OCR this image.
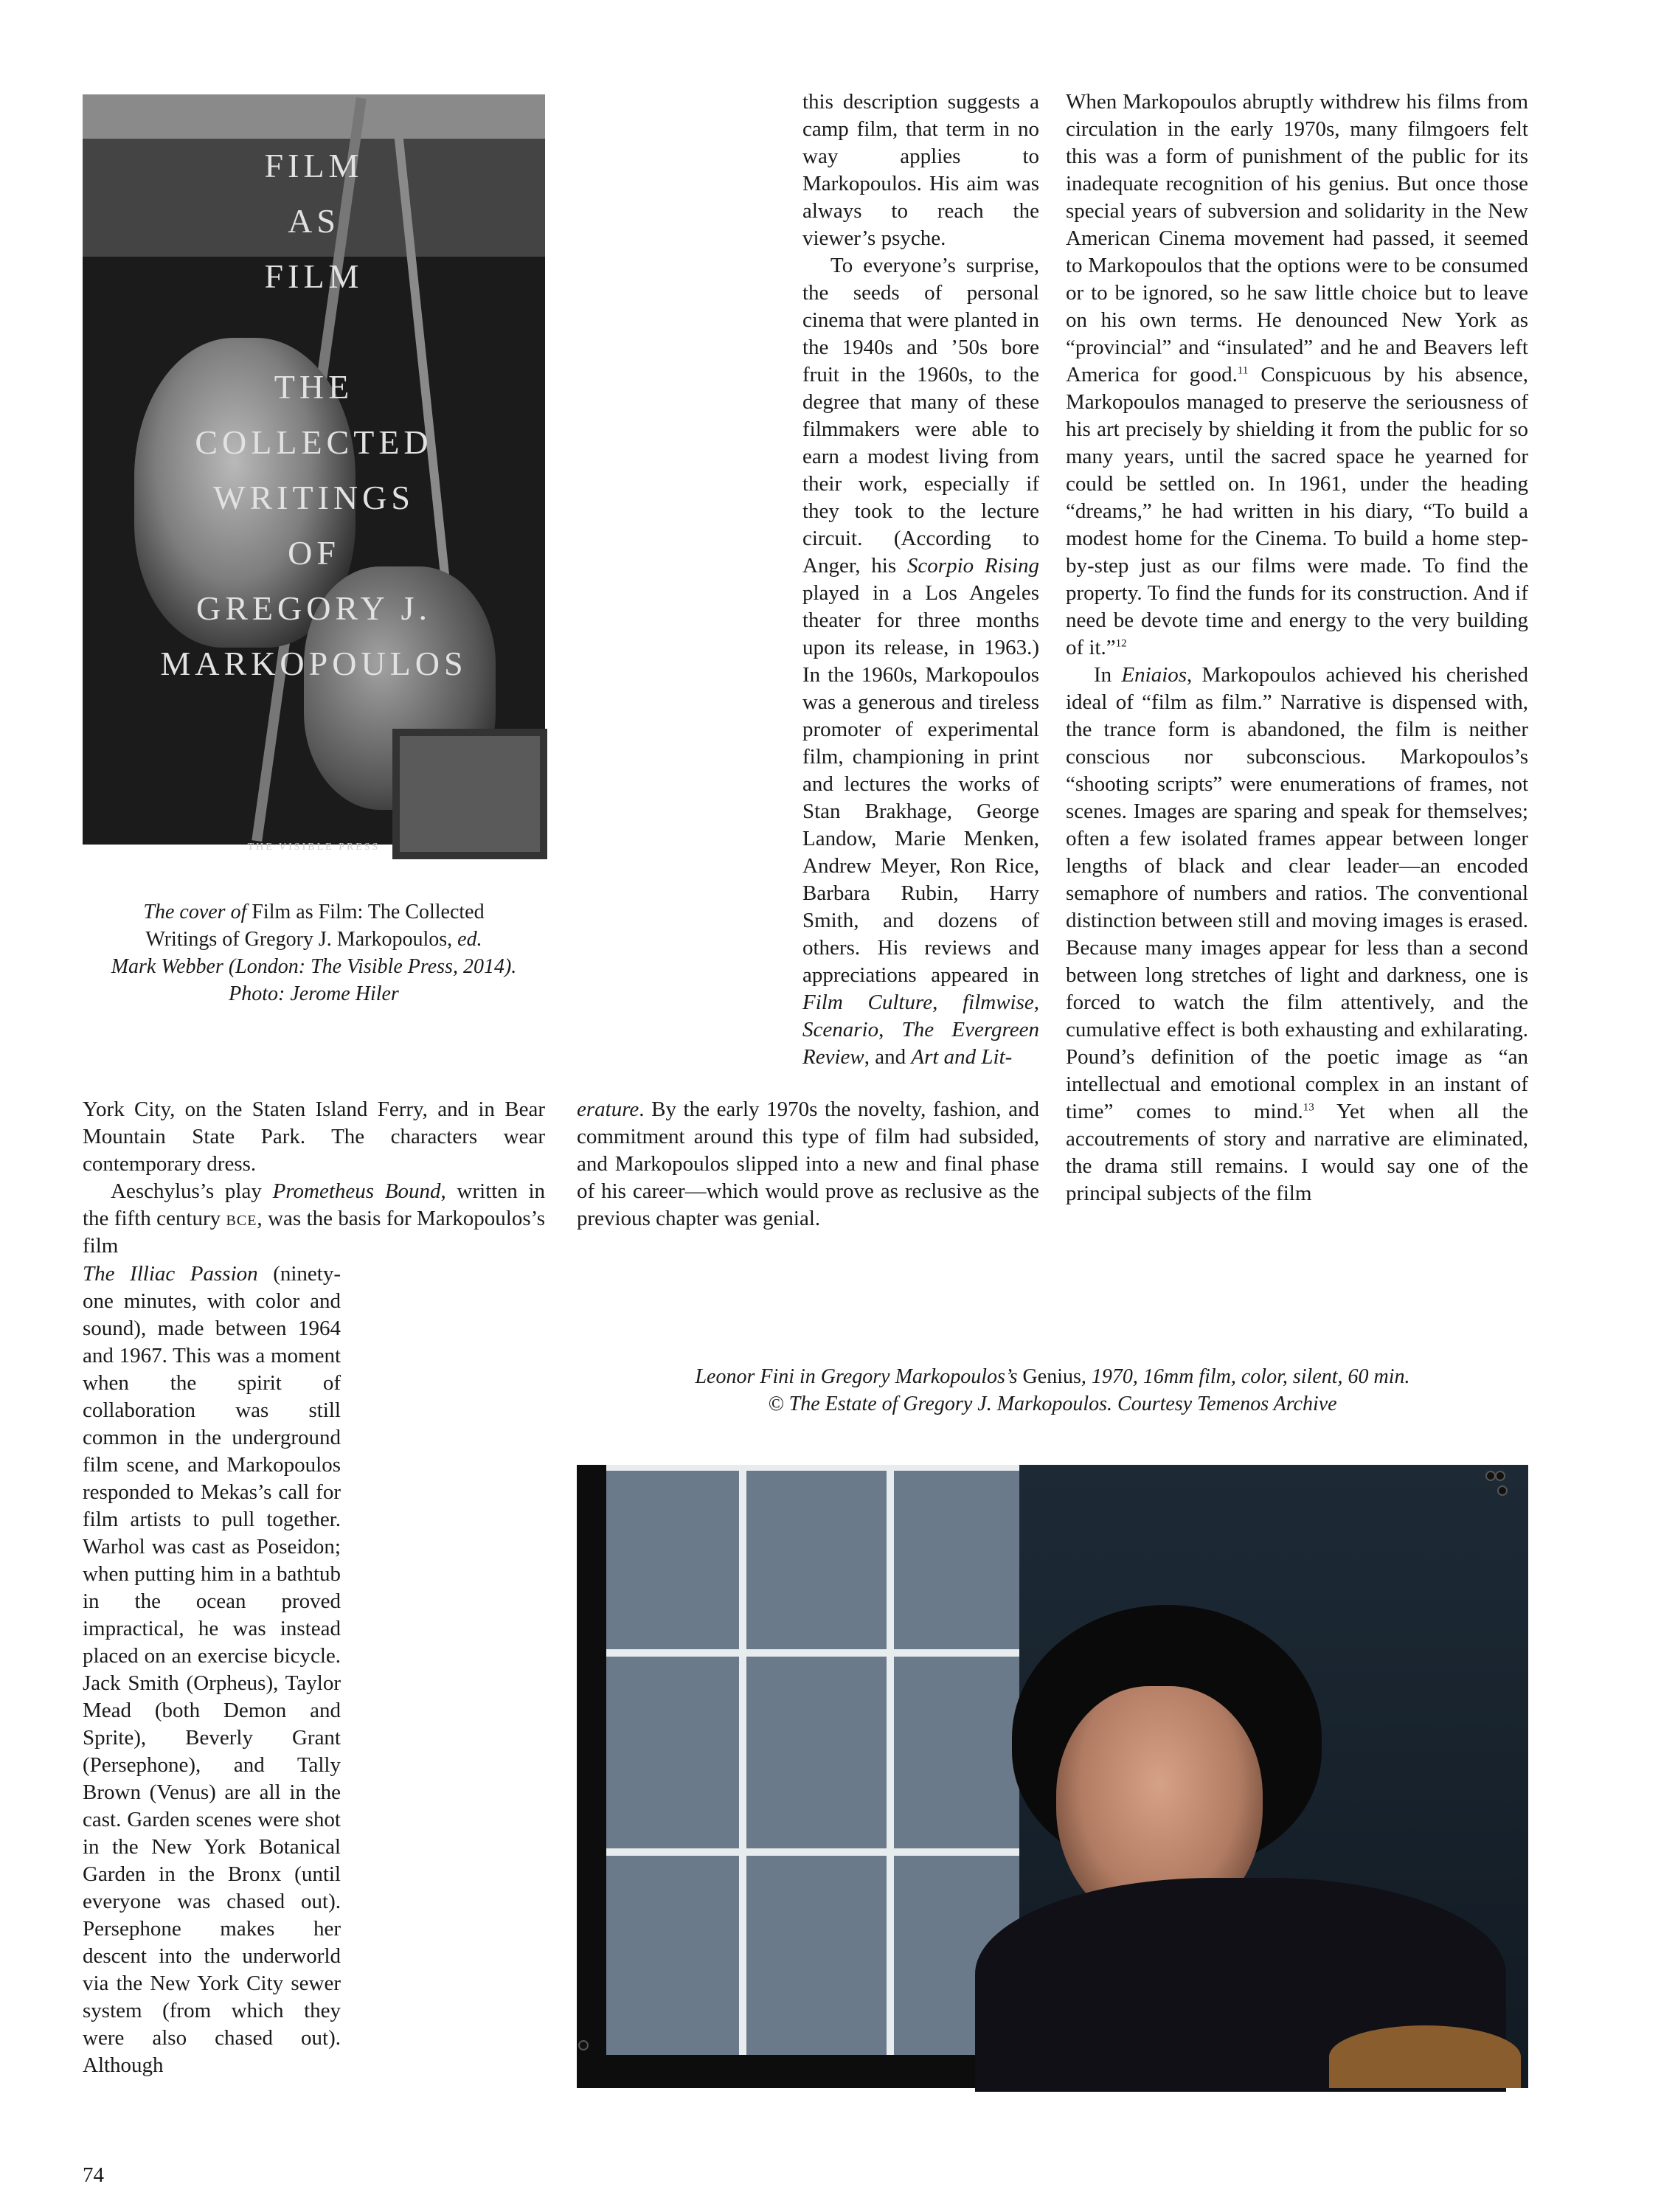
FILM
AS
FILM
THE
COLLECTED
WRITINGS
OF
GREGORY J.
MARKOPOULOS
THE VISIBLE PRESS
The cover of Film as Film: The Collected
Writings of Gregory J. Markopoulos, ed.
Mark Webber (London: The Visible Press, 2014).
Photo: Jerome Hiler

York City, on the Staten Island Ferry, and in Bear Mountain State Park. The characters wear contemporary dress.

Aeschylus’s play Prometheus Bound, written in the fifth century bce, was the basis for Markopoulos’s film

The Illiac Passion (ninety-one minutes, with color and sound), made between 1964 and 1967. This was a moment when the spirit of collaboration was still common in the underground film scene, and Markopoulos responded to Mekas’s call for film artists to pull together. Warhol was cast as Poseidon; when putting him in a bathtub in the ocean proved impractical, he was instead placed on an exercise bicycle. Jack Smith (Orpheus), Taylor Mead (both Demon and Sprite), Beverly Grant (Persephone), and Tally Brown (Venus) are all in the cast. Garden scenes were shot in the New York Botanical Garden in the Bronx (until everyone was chased out). Persephone makes her descent into the underworld via the New York City sewer system (from which they were also chased out). Although

this description suggests a camp film, that term in no way applies to Markopoulos. His aim was always to reach the viewer’s psyche.

To everyone’s surprise, the seeds of personal cinema that were planted in the 1940s and ’50s bore fruit in the 1960s, to the degree that many of these filmmakers were able to earn a modest living from their work, especially if they took to the lecture circuit. (According to Anger, his Scorpio Rising played in a Los Angeles theater for three months upon its release, in 1963.) In the 1960s, Markopoulos was a generous and tireless promoter of experimental film, championing in print and lectures the works of Stan Brakhage, George Landow, Marie Menken, Andrew Meyer, Ron Rice, Barbara Rubin, Harry Smith, and dozens of others. His reviews and appreciations appeared in Film Culture, filmwise, Scenario, The Evergreen Review, and Art and Lit-

erature. By the early 1970s the novelty, fashion, and commitment around this type of film had subsided, and Markopoulos slipped into a new and final phase of his career—which would prove as reclusive as the previous chapter was genial.

When Markopoulos abruptly withdrew his films from circulation in the early 1970s, many filmgoers felt this was a form of punishment of the public for its inadequate recognition of his genius. But once those special years of subversion and solidarity in the New American Cinema movement had passed, it seemed to Markopoulos that the options were to be consumed or to be ignored, so he saw little choice but to leave on his own terms. He denounced New York as “provincial” and “insulated” and he and Beavers left America for good.$^{11}$ Conspicuous by his absence, Markopoulos managed to preserve the seriousness of his art precisely by shielding it from the public for so many years, until the sacred space he yearned for could be settled on. In 1961, under the heading “dreams,” he had written in his diary, “To build a modest home for the Cinema. To build a home step-by-step just as our films were made. To find the property. To find the funds for its construction. And if need be devote time and energy to the very building of it.”$^{12}$

In Eniaios, Markopoulos achieved his cherished ideal of “film as film.” Narrative is dispensed with, the trance form is abandoned, the film is neither conscious nor subconscious. Markopoulos’s “shooting scripts” were enumerations of frames, not scenes. Images are sparing and speak for themselves; often a few isolated frames appear between longer lengths of black and clear leader—an encoded semaphore of numbers and ratios. The conventional distinction between still and moving images is erased. Because many images appear for less than a second between long stretches of light and darkness, one is forced to watch the film attentively, and the cumulative effect is both exhausting and exhilarating. Pound’s definition of the poetic image as “an intellectual and emotional complex in an instant of time” comes to mind.$^{13}$ Yet when all the accoutrements of story and narrative are eliminated, the drama still remains. I would say one of the principal subjects of the film

Leonor Fini in Gregory Markopoulos’s Genius, 1970, 16mm film, color, silent, 60 min.
© The Estate of Gregory J. Markopoulos. Courtesy Temenos Archive
74
